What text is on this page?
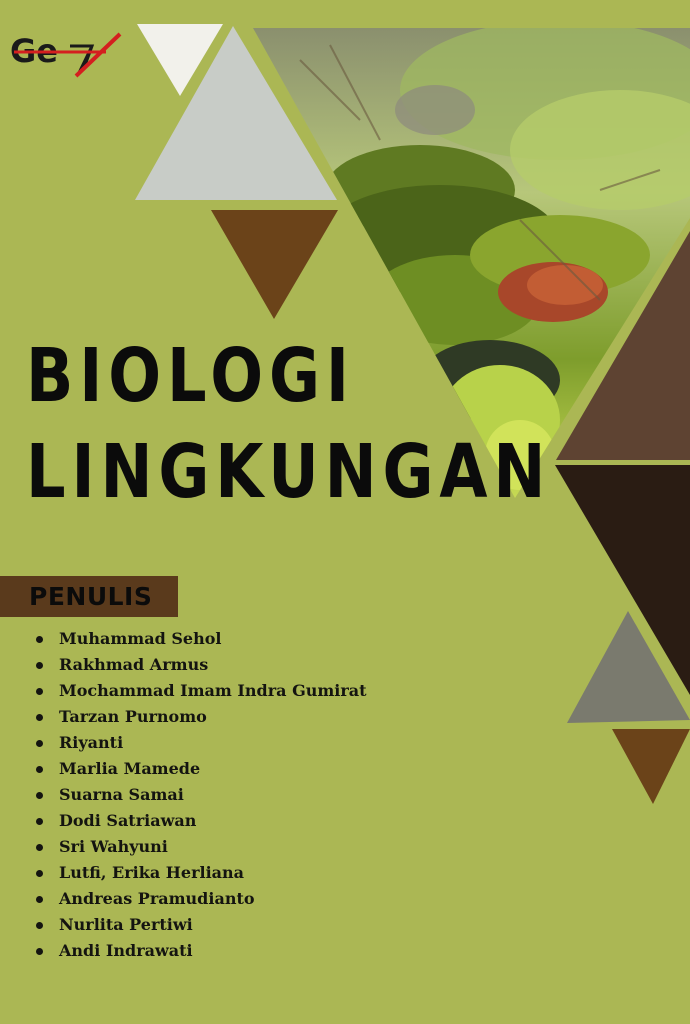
Ge
BIOLOGI
LINGKUNGAN
PENULIS
Muhammad Sehol
Rakhmad Armus
Mochammad Imam Indra Gumirat
Tarzan Purnomo
Riyanti
Marlia Mamede
Suarna Samai
Dodi Satriawan
Sri Wahyuni
Lutfi, Erika Herliana
Andreas Pramudianto
Nurlita Pertiwi
Andi Indrawati
